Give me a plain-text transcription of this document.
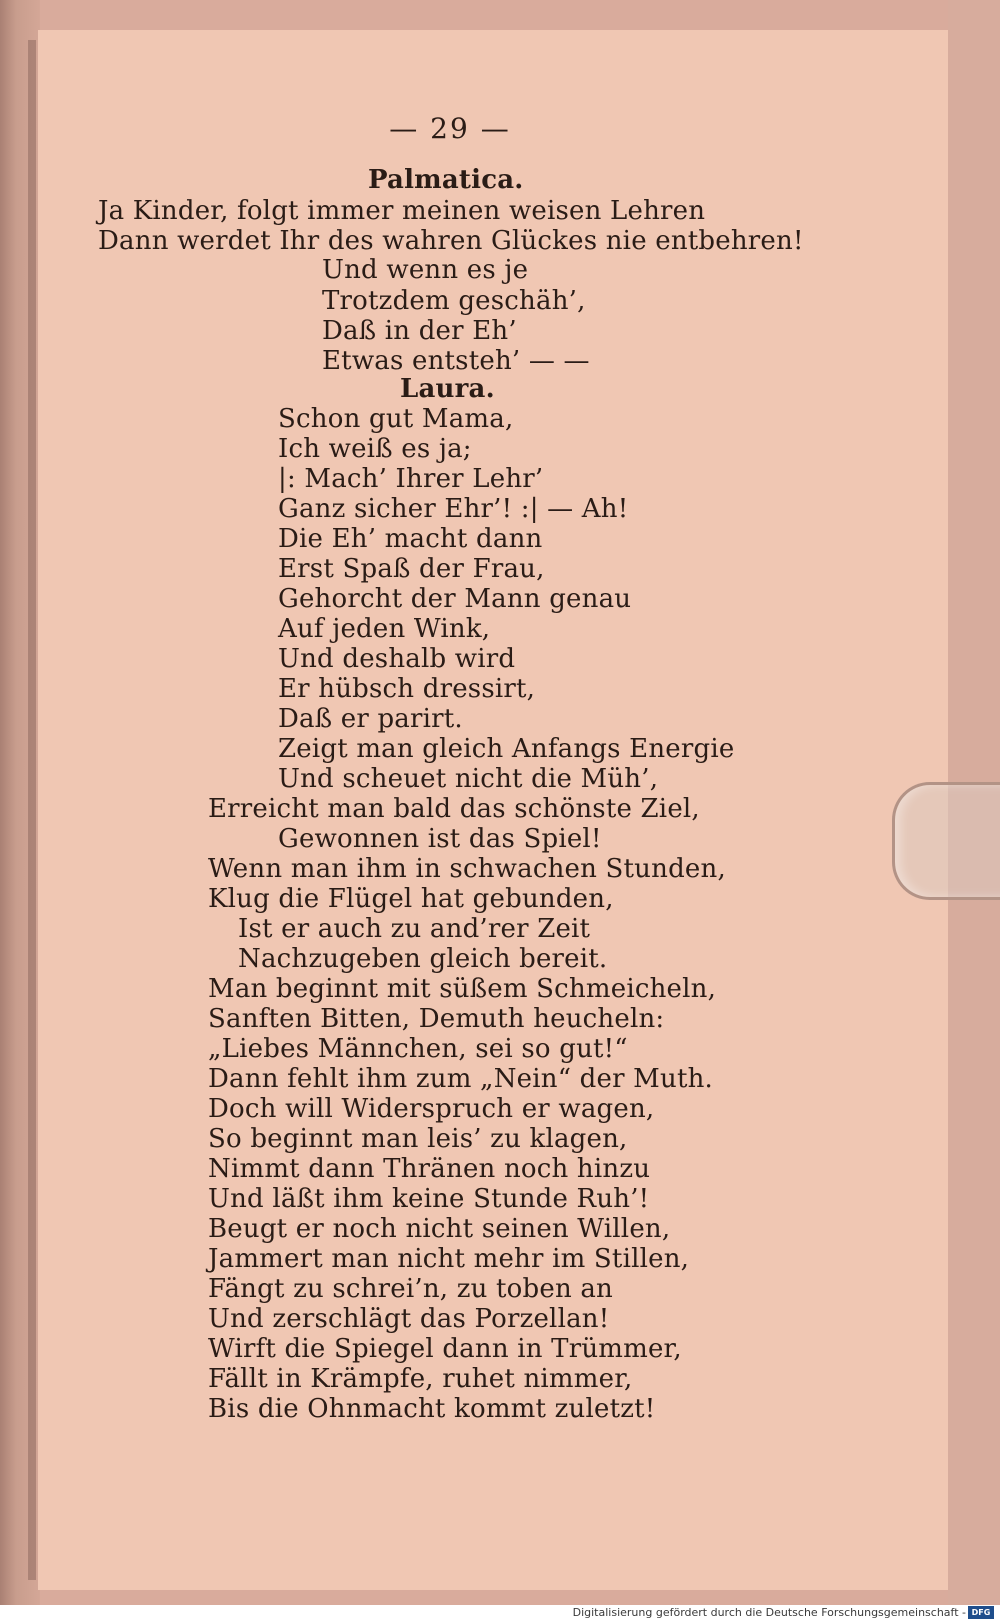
— 29 —
Palmatica.
Ja Kinder, folgt immer meinen weisen Lehren
Dann werdet Ihr des wahren Glückes nie entbehren!
Und wenn es je
Trotzdem geschäh’,
Daß in der Eh’
Etwas entsteh’ — —
Laura.
Schon gut Mama,
Ich weiß es ja;
|: Mach’ Ihrer Lehr’
Ganz sicher Ehr’! :| — Ah!
Die Eh’ macht dann
Erst Spaß der Frau,
Gehorcht der Mann genau
Auf jeden Wink,
Und deshalb wird
Er hübsch dressirt,
Daß er parirt.
Zeigt man gleich Anfangs Energie
Und scheuet nicht die Müh’,
Erreicht man bald das schönste Ziel,
Gewonnen ist das Spiel!
Wenn man ihm in schwachen Stunden,
Klug die Flügel hat gebunden,
Ist er auch zu and’rer Zeit
Nachzugeben gleich bereit.
Man beginnt mit süßem Schmeicheln,
Sanften Bitten, Demuth heucheln:
„Liebes Männchen, sei so gut!“
Dann fehlt ihm zum „Nein“ der Muth.
Doch will Widerspruch er wagen,
So beginnt man leis’ zu klagen,
Nimmt dann Thränen noch hinzu
Und läßt ihm keine Stunde Ruh’!
Beugt er noch nicht seinen Willen,
Jammert man nicht mehr im Stillen,
Fängt zu schrei’n, zu toben an
Und zerschlägt das Porzellan!
Wirft die Spiegel dann in Trümmer,
Fällt in Krämpfe, ruhet nimmer,
Bis die Ohnmacht kommt zuletzt!
Digitalisierung gefördert durch die Deutsche Forschungsgemeinschaft - DFG
